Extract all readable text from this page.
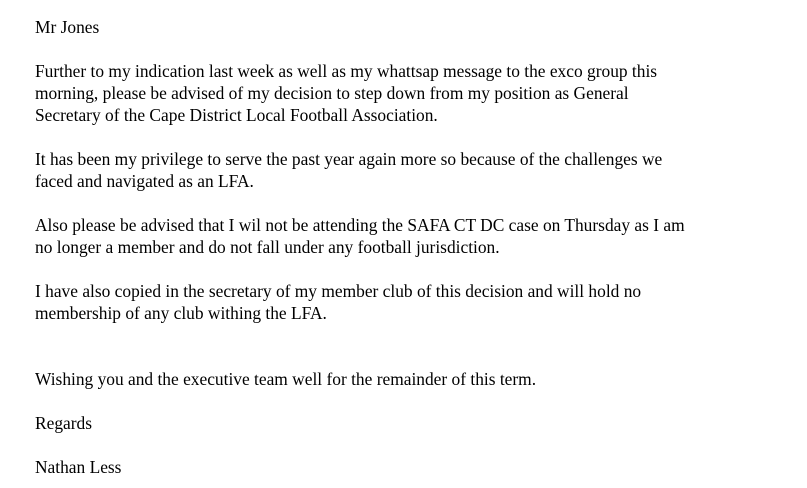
Mr Jones
Further to my indication last week as well as my whattsap message to the exco group this
morning, please be advised of my decision to step down from my position as General
Secretary of the Cape District Local Football Association.
It has been my privilege to serve the past year again more so because of the challenges we
faced and navigated as an LFA.
Also please be advised that I wil not be attending the SAFA CT DC case on Thursday as I am
no longer a member and do not fall under any football jurisdiction.
I have also copied in the secretary of my member club of this decision and will hold no
membership of any club withing the LFA.
Wishing you and the executive team well for the remainder of this term.
Regards
Nathan Less
